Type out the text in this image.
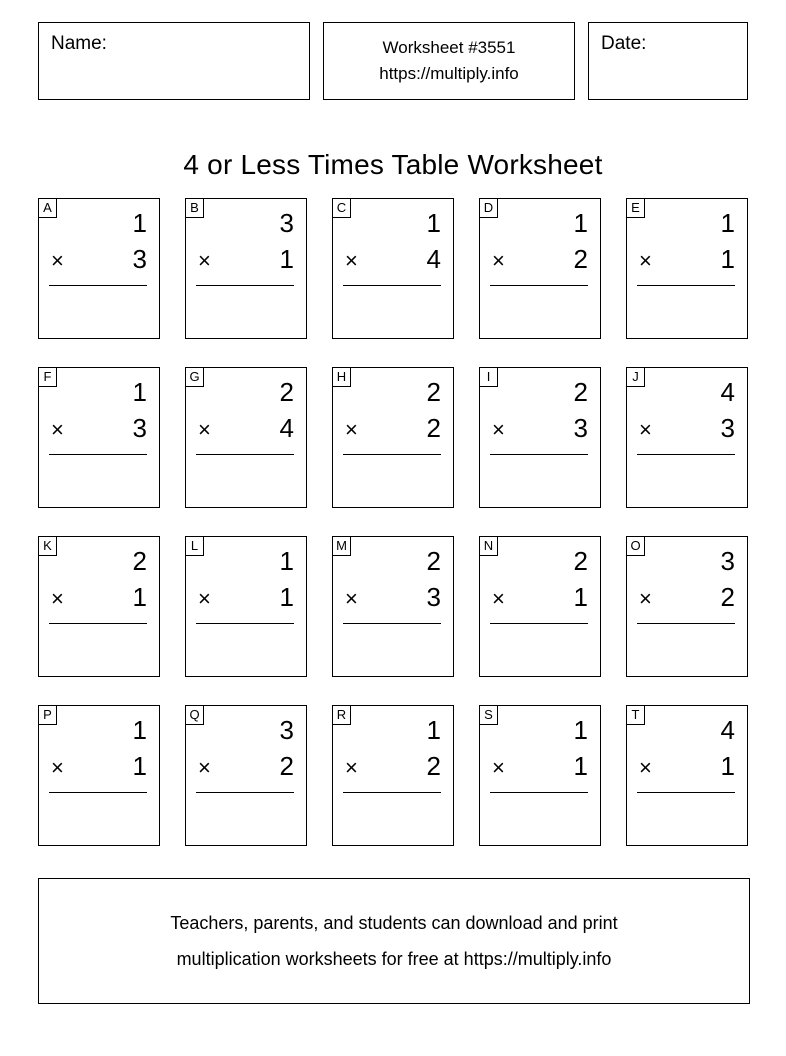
Name:	Worksheet #3551
https://multiply.info
Date:
4 or Less Times Table Worksheet
A
1
×	3
B
3
×	1
C
1
×	4
D
1
×	2
E
1
×	1
F
1
×	3
G
2
×	4
H
2
×	2
I
2
×	3
J
4
×	3
K
2
×	1
L
1
×	1
M
2
×	3
N
2
×	1
O
3
×	2
P
1
×	1
Q
3
×	2
R
1
×	2
S
1
×	1
T
4
×	1
Teachers, parents, and students can download and print
multiplication worksheets for free at https://multiply.info
